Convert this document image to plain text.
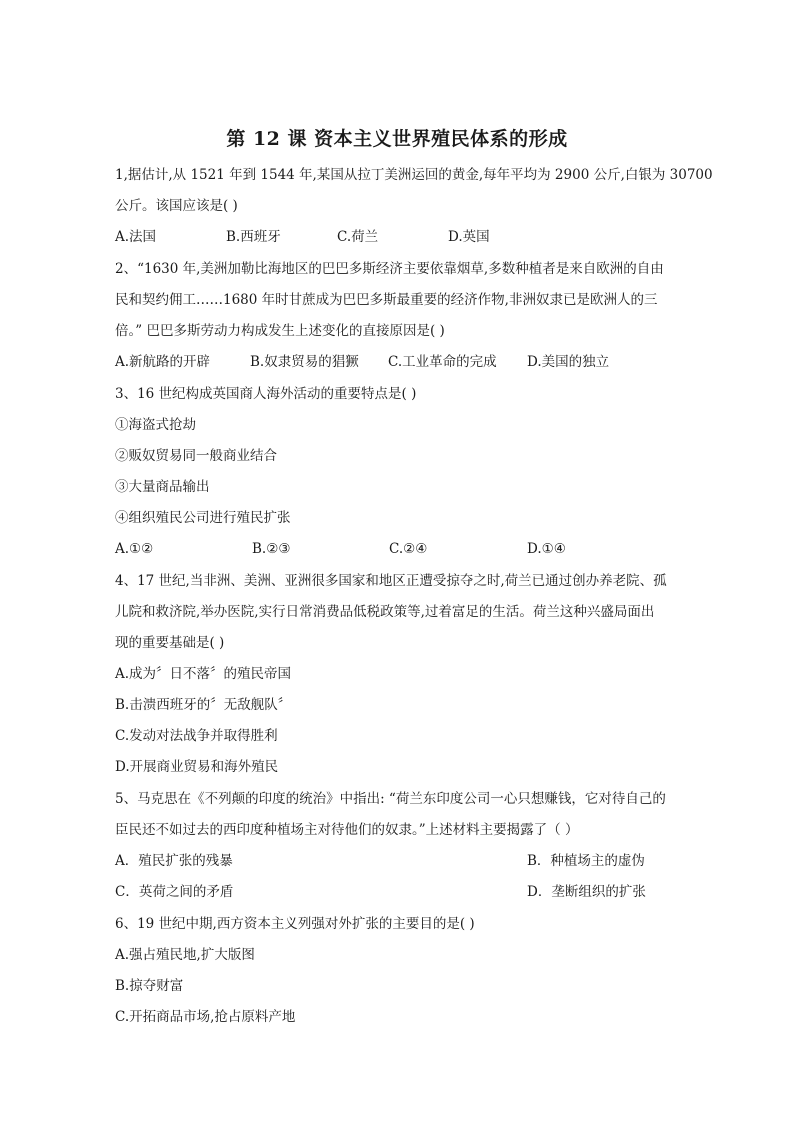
第 12 课 资本主义世界殖民体系的形成
1,据估计,从 1521 年到 1544 年,某国从拉丁美洲运回的黄金,每年平均为 2900 公斤,白银为 30700
公斤。该国应该是( )
A.法国	B.西班牙	C.荷兰	D.英国
2、“1630 年,美洲加勒比海地区的巴巴多斯经济主要依靠烟草,多数种植者是来自欧洲的自由
民和契约佣工……1680 年时甘蔗成为巴巴多斯最重要的经济作物,非洲奴隶已是欧洲人的三
倍。” 巴巴多斯劳动力构成发生上述变化的直接原因是( )
A.新航路的开辟	B.奴隶贸易的猖獗 C.工业革命的完成 D.美国的独立
3、16 世纪构成英国商人海外活动的重要特点是( )
①海盗式抢劫
②贩奴贸易同一般商业结合
③大量商品输出
④组织殖民公司进行殖民扩张
A.①②	B.②③	C.②④	D.①④
4、17 世纪,当非洲、美洲、亚洲很多国家和地区正遭受掠夺之时,荷兰已通过创办养老院、孤
儿院和救济院,举办医院,实行日常消费品低税政策等,过着富足的生活。荷兰这种兴盛局面出
现的重要基础是( )
A.成为〞日不落〞的殖民帝国
B.击溃西班牙的〞无敌舰队〞
C.发动对法战争并取得胜利
D.开展商业贸易和海外殖民
5、马克思在《不列颠的印度的统治》中指出: “荷兰东印度公司一心只想赚钱，它对待自己的
臣民还不如过去的西印度种植场主对待他们的奴隶。”上述材料主要揭露了（ ）
A．殖民扩张的残暴	B．种植场主的虚伪
C．英荷之间的矛盾	D．垄断组织的扩张
6、19 世纪中期,西方资本主义列强对外扩张的主要目的是( )
A.强占殖民地,扩大版图
B.掠夺财富
C.开拓商品市场,抢占原料产地
